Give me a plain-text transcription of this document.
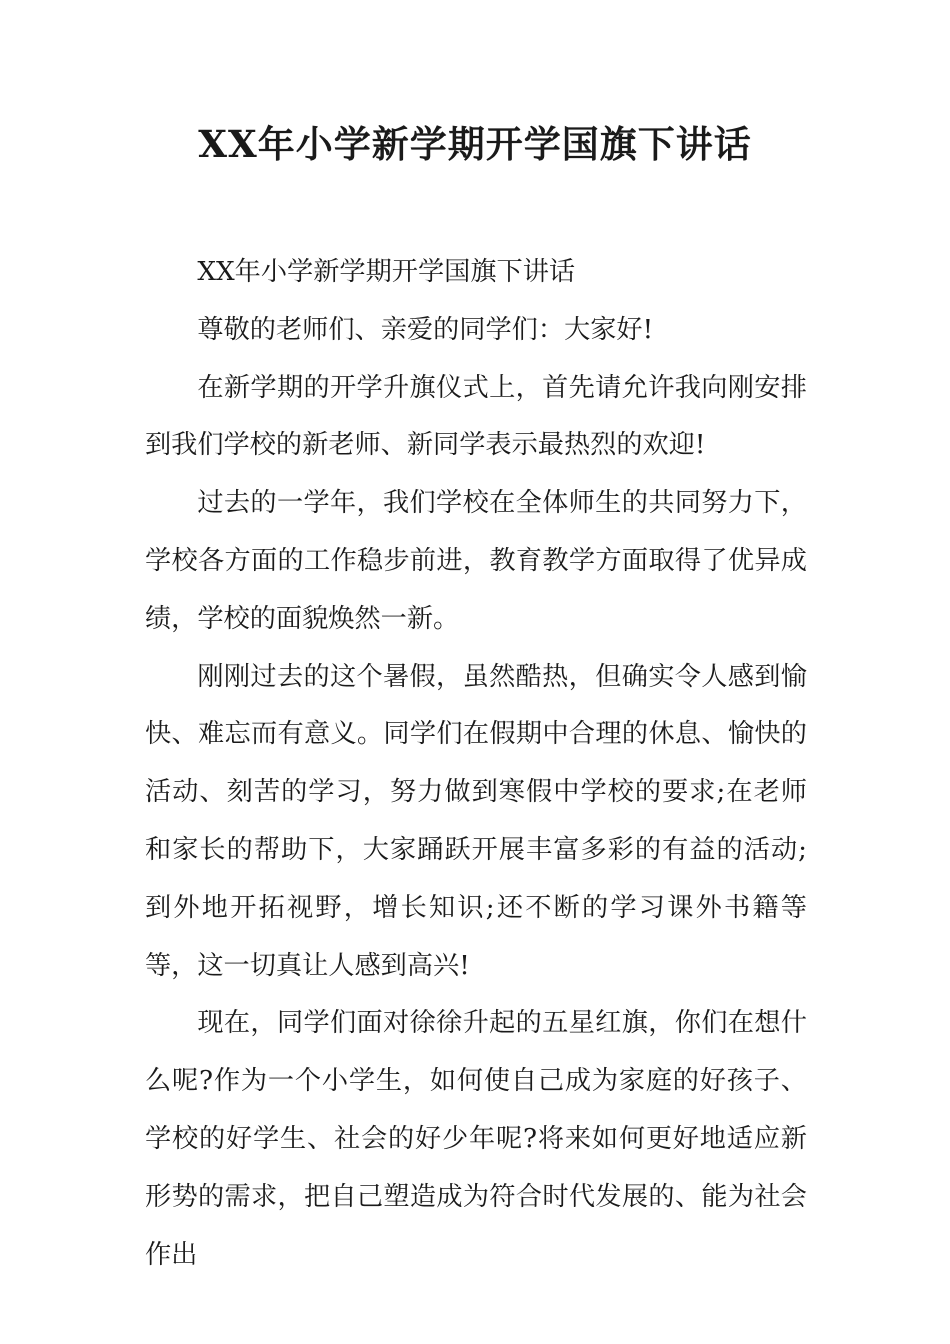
XX年小学新学期开学国旗下讲话

XX年小学新学期开学国旗下讲话

尊敬的老师们、亲爱的同学们：大家好!

在新学期的开学升旗仪式上，首先请允许我向刚安排到我们学校的新老师、新同学表示最热烈的欢迎!

过去的一学年，我们学校在全体师生的共同努力下，学校各方面的工作稳步前进，教育教学方面取得了优异成绩，学校的面貌焕然一新。

刚刚过去的这个暑假，虽然酷热，但确实令人感到愉快、难忘而有意义。同学们在假期中合理的休息、愉快的活动、刻苦的学习，努力做到寒假中学校的要求;在老师和家长的帮助下，大家踊跃开展丰富多彩的有益的活动;到外地开拓视野，增长知识;还不断的学习课外书籍等等，这一切真让人感到高兴!

现在，同学们面对徐徐升起的五星红旗，你们在想什么呢?作为一个小学生，如何使自己成为家庭的好孩子、学校的好学生、社会的好少年呢?将来如何更好地适应新形势的需求，把自己塑造成为符合时代发展的、能为社会作出
